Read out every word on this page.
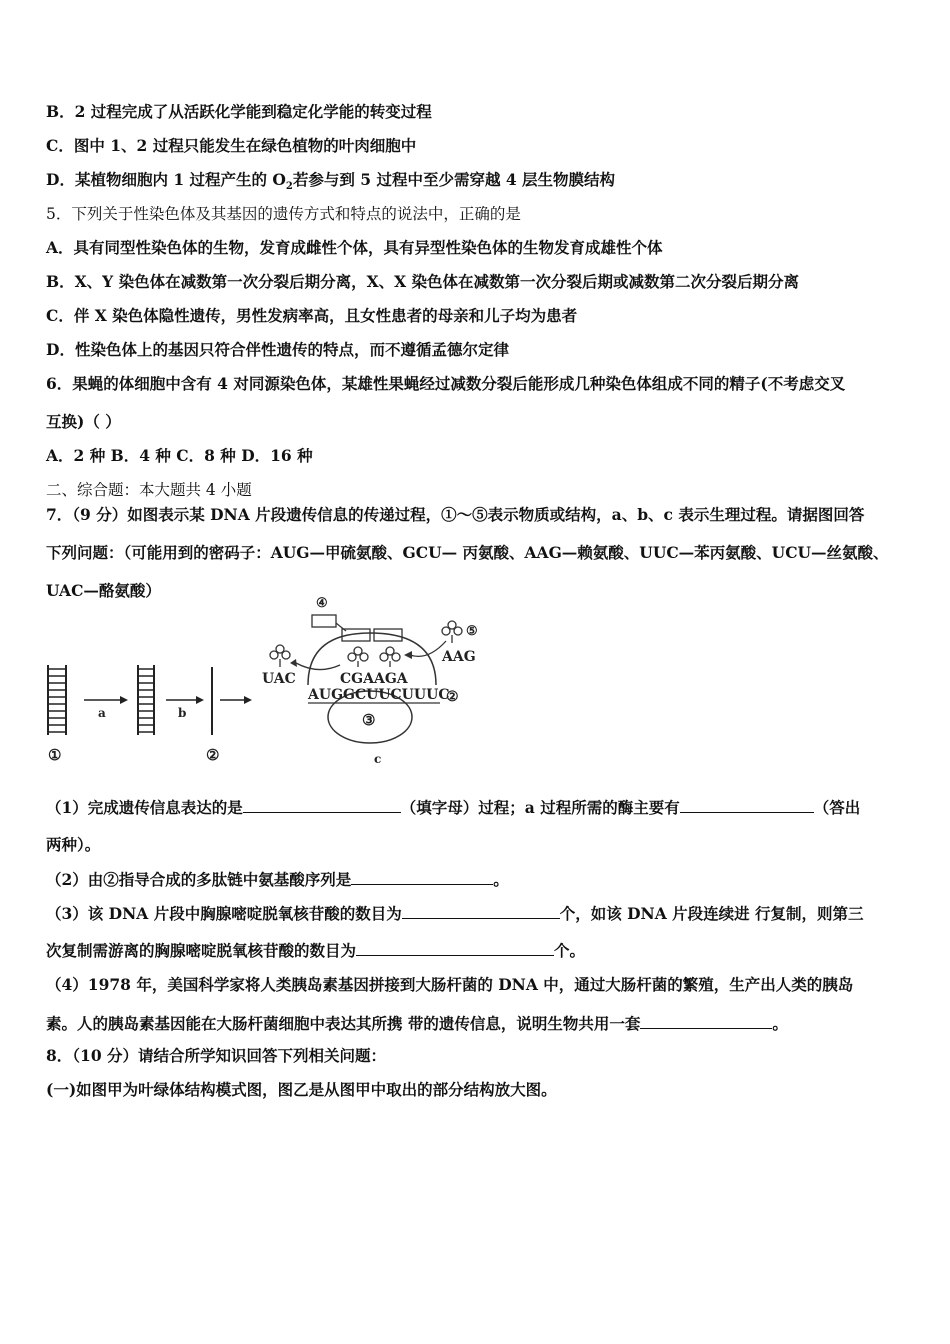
B．2 过程完成了从活跃化学能到稳定化学能的转变过程
C．图中 1、2 过程只能发生在绿色植物的叶肉细胞中
D．某植物细胞内 1 过程产生的 $O_2$若参与到 5 过程中至少需穿越 4 层生物膜结构
5．下列关于性染色体及其基因的遗传方式和特点的说法中，正确的是
A．具有同型性染色体的生物，发育成雌性个体，具有异型性染色体的生物发育成雄性个体
B．X、Y 染色体在减数第一次分裂后期分离，X、X 染色体在减数第一次分裂后期或减数第二次分裂后期分离
C．伴 X 染色体隐性遗传，男性发病率高，且女性患者的母亲和儿子均为患者
D．性染色体上的基因只符合伴性遗传的特点，而不遵循孟德尔定律
6．果蝇的体细胞中含有 4 对同源染色体，某雄性果蝇经过减数分裂后能形成几种染色体组成不同的精子(不考虑交叉
互换)（ ）
A．2 种 B．4 种 C．8 种 D．16 种
二、综合题：本大题共 4 小题
7．（9 分）如图表示某 DNA 片段遗传信息的传递过程，①～⑤表示物质或结构，a、b、c 表示生理过程。请据图回答
下列问题：（可能用到的密码子：AUG—甲硫氨酸、GCU— 丙氨酸、AAG—赖氨酸、UUC—苯丙氨酸、UCU—丝氨酸、
UAC—酪氨酸）
①
a	b
②
③
c
④
UAC
⑤
AAG
CGAAGA
AUGGCUUCUUUC
②
（1）完成遗传信息表达的是	（填字母）过程；a 过程所需的酶主要有	（答出
两种）。
（2）由②指导合成的多肽链中氨基酸序列是	。
（3）该 DNA 片段中胸腺嘧啶脱氧核苷酸的数目为	个，如该 DNA 片段连续进 行复制，则第三
次复制需游离的胸腺嘧啶脱氧核苷酸的数目为	个。
（4）1978 年，美国科学家将人类胰岛素基因拼接到大肠杆菌的 DNA 中，通过大肠杆菌的繁殖，生产出人类的胰岛
素。人的胰岛素基因能在大肠杆菌细胞中表达其所携 带的遗传信息，说明生物共用一套	。
8．（10 分）请结合所学知识回答下列相关问题：
(一)如图甲为叶绿体结构模式图，图乙是从图甲中取出的部分结构放大图。
